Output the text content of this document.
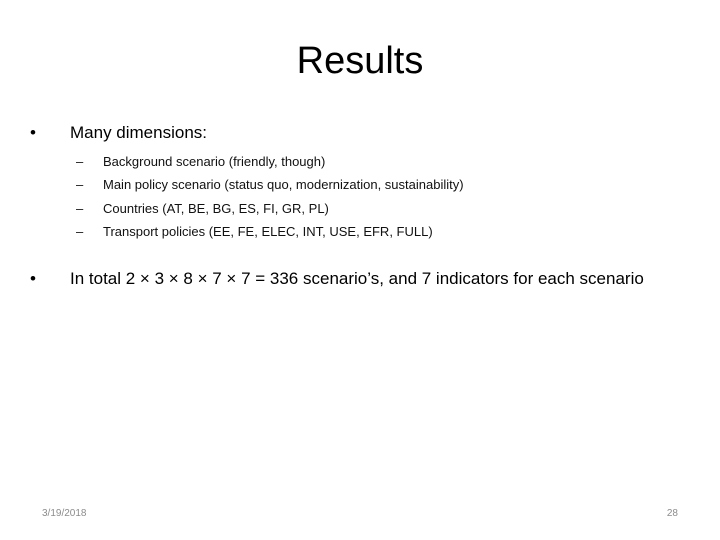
Results
• Many dimensions:
– Background scenario (friendly, though)
– Main policy scenario (status quo, modernization, sustainability)
– Countries (AT, BE, BG, ES, FI, GR, PL)
– Transport policies (EE, FE, ELEC, INT, USE, EFR, FULL)
• In total 2 × 3 × 8 × 7 × 7 = 336 scenario’s, and 7 indicators for each scenario
3/19/2018	28
